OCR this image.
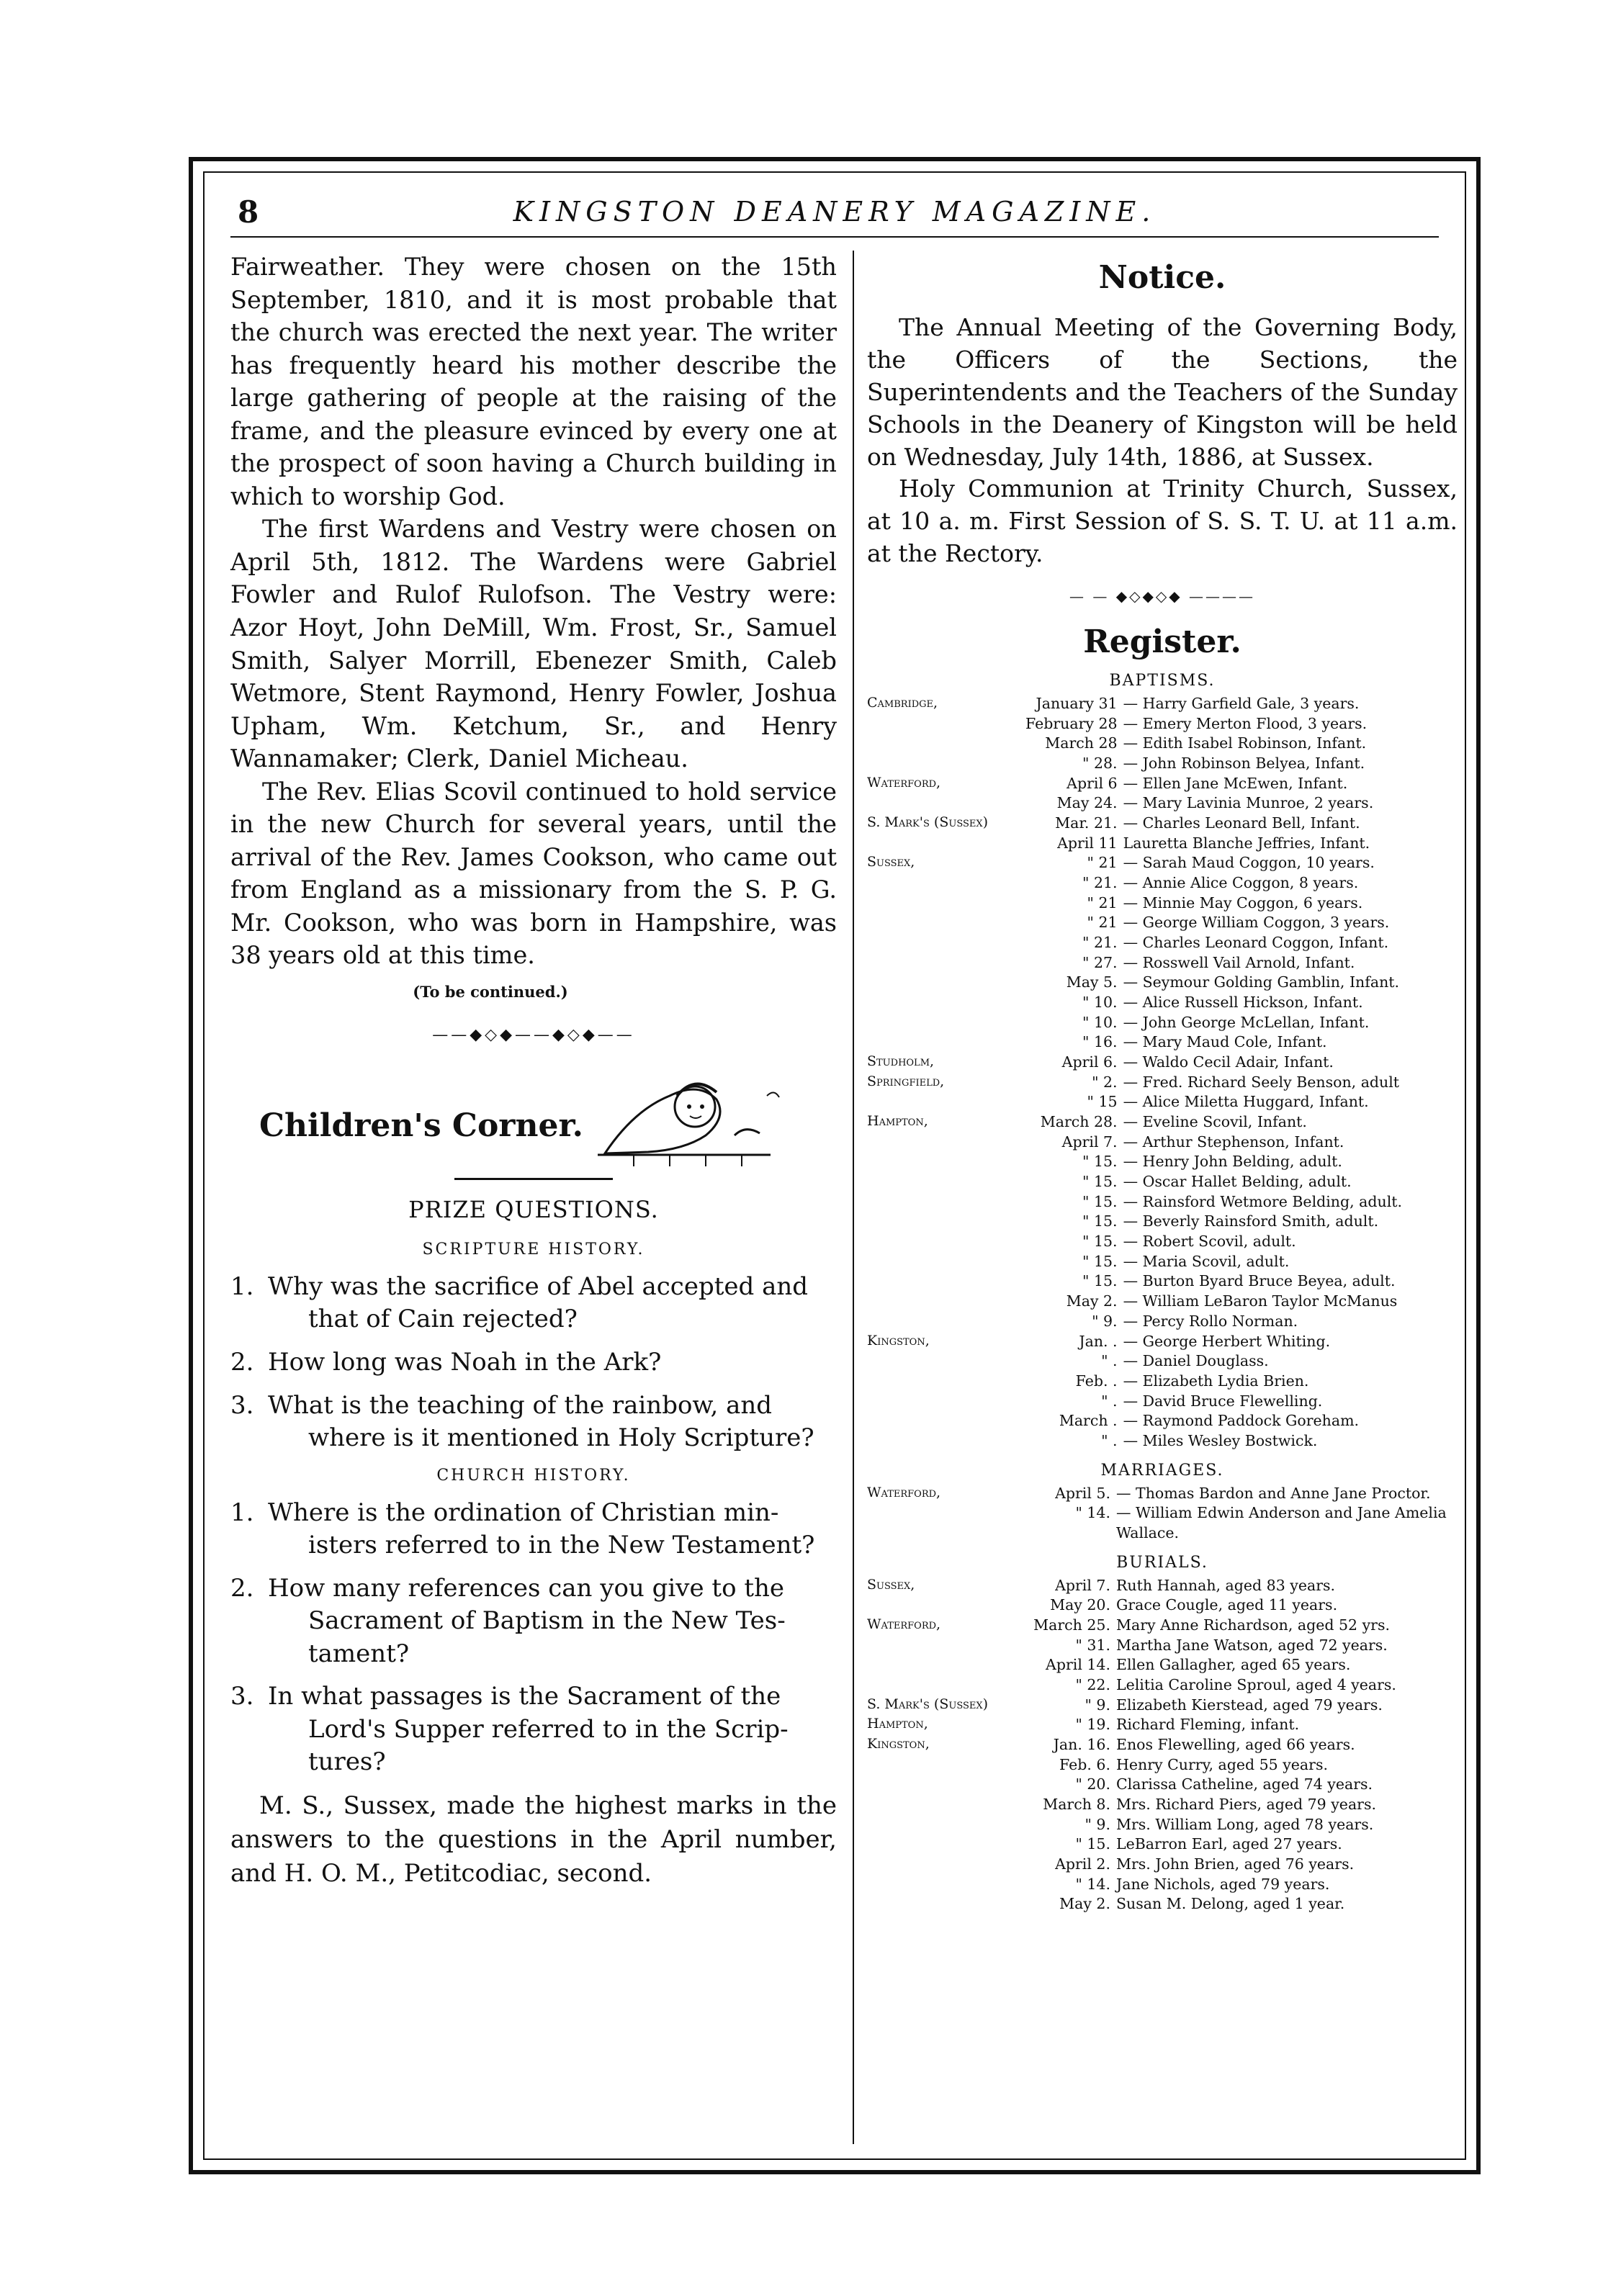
8	KINGSTON DEANERY MAGAZINE.

Fairweather. They were chosen on the 15th September, 1810, and it is most probable that the church was erected the next year. The writer has frequently heard his mother describe the large gathering of people at the raising of the frame, and the pleasure evinced by every one at the prospect of soon having a Church building in which to worship God.

The first Wardens and Vestry were chosen on April 5th, 1812. The Wardens were Gabriel Fowler and Rulof Rulofson. The Vestry were: Azor Hoyt, John DeMill, Wm. Frost, Sr., Samuel Smith, Salyer Morrill, Ebenezer Smith, Caleb Wetmore, Stent Raymond, Henry Fowler, Joshua Upham, Wm. Ketchum, Sr., and Henry Wannamaker; Clerk, Daniel Micheau.

The Rev. Elias Scovil continued to hold service in the new Church for several years, until the arrival of the Rev. James Cookson, who came out from England as a missionary from the S. P. G. Mr. Cookson, who was born in Hampshire, was 38 years old at this time.

(To be continued.)
——◆◇◆——◆◇◆——
Children's Corner.
PRIZE QUESTIONS.
SCRIPTURE HISTORY.
1. Why was the sacrifice of Abel accepted and
that of Cain rejected?
2. How long was Noah in the Ark?
3. What is the teaching of the rainbow, and
where is it mentioned in Holy Scripture?
CHURCH HISTORY.
1. Where is the ordination of Christian min-
isters referred to in the New Testament?
2. How many references can you give to the
Sacrament of Baptism in the New Tes-
tament?
3. In what passages is the Sacrament of the
Lord's Supper referred to in the Scrip-
tures?

M. S., Sussex, made the highest marks in the answers to the questions in the April number, and H. O. M., Petitcodiac, second.

Notice.

The Annual Meeting of the Governing Body, the Officers of the Sections, the Superintendents and the Teachers of the Sunday Schools in the Deanery of Kingston will be held on Wednesday, July 14th, 1886, at Sussex.

Holy Communion at Trinity Church, Sussex, at 10 a. m. First Session of S. S. T. U. at 11 a.m. at the Rectory.

— — ◆◇◆◇◆ ————
Register.
BAPTISMS.
Cambridge,	January 31	— Harry Garfield Gale, 3 years.
	February 28	— Emery Merton Flood, 3 years.
	March 28	— Edith Isabel Robinson, Infant.
	" 28.	— John Robinson Belyea, Infant.
Waterford,	April 6	— Ellen Jane McEwen, Infant.
	May 24.	— Mary Lavinia Munroe, 2 years.
S. Mark's (Sussex)	Mar. 21.	— Charles Leonard Bell, Infant.
	April 11	Lauretta Blanche Jeffries, Infant.
Sussex,	" 21	— Sarah Maud Coggon, 10 years.
	" 21.	— Annie Alice Coggon, 8 years.
	" 21	— Minnie May Coggon, 6 years.
	" 21	— George William Coggon, 3 years.
	" 21.	— Charles Leonard Coggon, Infant.
	" 27.	— Rosswell Vail Arnold, Infant.
	May 5.	— Seymour Golding Gamblin, Infant.
	" 10.	— Alice Russell Hickson, Infant.
	" 10.	— John George McLellan, Infant.
	" 16.	— Mary Maud Cole, Infant.
Studholm,	April 6.	— Waldo Cecil Adair, Infant.
Springfield,	" 2.	— Fred. Richard Seely Benson, adult
	" 15	— Alice Miletta Huggard, Infant.
Hampton,	March 28.	— Eveline Scovil, Infant.
	April 7.	— Arthur Stephenson, Infant.
	" 15.	— Henry John Belding, adult.
	" 15.	— Oscar Hallet Belding, adult.
	" 15.	— Rainsford Wetmore Belding, adult.
	" 15.	— Beverly Rainsford Smith, adult.
	" 15.	— Robert Scovil, adult.
	" 15.	— Maria Scovil, adult.
	" 15.	— Burton Byard Bruce Beyea, adult.
	May 2.	— William LeBaron Taylor McManus
	" 9.	— Percy Rollo Norman.
Kingston,	Jan. .	— George Herbert Whiting.
	" .	— Daniel Douglass.
	Feb. .	— Elizabeth Lydia Brien.
	" .	— David Bruce Flewelling.
	March .	— Raymond Paddock Goreham.
	" .	— Miles Wesley Bostwick.
MARRIAGES.
Waterford,	April 5.	— Thomas Bardon and Anne Jane Proctor.
	" 14.	— William Edwin Anderson and Jane Amelia Wallace.
BURIALS.
Sussex,	April 7.	Ruth Hannah, aged 83 years.
	May 20.	Grace Cougle, aged 11 years.
Waterford,	March 25.	Mary Anne Richardson, aged 52 yrs.
	" 31.	Martha Jane Watson, aged 72 years.
	April 14.	Ellen Gallagher, aged 65 years.
	" 22.	Lelitia Caroline Sproul, aged 4 years.
S. Mark's (Sussex)	" 9.	Elizabeth Kierstead, aged 79 years.
Hampton,	" 19.	Richard Fleming, infant.
Kingston,	Jan. 16.	Enos Flewelling, aged 66 years.
	Feb. 6.	Henry Curry, aged 55 years.
	" 20.	Clarissa Catheline, aged 74 years.
	March 8.	Mrs. Richard Piers, aged 79 years.
	" 9.	Mrs. William Long, aged 78 years.
	" 15.	LeBarron Earl, aged 27 years.
	April 2.	Mrs. John Brien, aged 76 years.
	" 14.	Jane Nichols, aged 79 years.
	May 2.	Susan M. Delong, aged 1 year.
